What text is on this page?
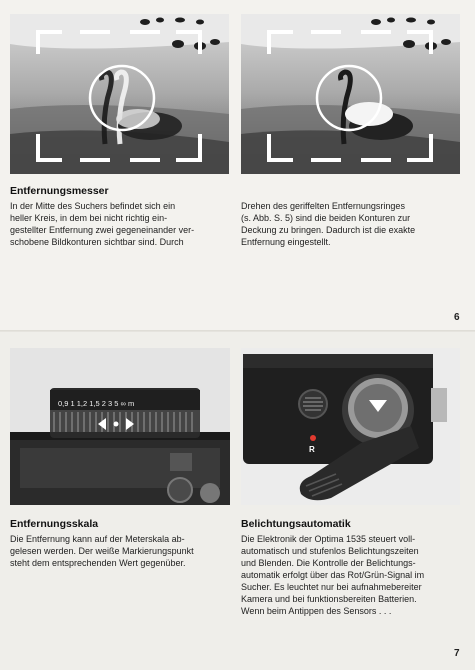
Entfernungsmesser

In der Mitte des Suchers befindet sich ein
heller Kreis, in dem bei nicht richtig ein-
gestellter Entfernung zwei gegeneinander ver-
schobene Bildkonturen sichtbar sind. Durch

Drehen des geriffelten Entfernungsringes
(s. Abb. S. 5) sind die beiden Konturen zur
Deckung zu bringen. Dadurch ist die exakte
Entfernung eingestellt.

6
0,9 1 1,2 1,5 2 3 5 ∞ m
R
Entfernungsskala

Die Entfernung kann auf der Meterskala ab-
gelesen werden. Der weiße Markierungspunkt
steht dem entsprechenden Wert gegenüber.

Belichtungsautomatik

Die Elektronik der Optima 1535 steuert voll-
automatisch und stufenlos Belichtungszeiten
und Blenden. Die Kontrolle der Belichtungs-
automatik erfolgt über das Rot/Grün-Signal im
Sucher. Es leuchtet nur bei aufnahmebereiter
Kamera und bei funktionsbereiten Batterien.
Wenn beim Antippen des Sensors . . .

7
